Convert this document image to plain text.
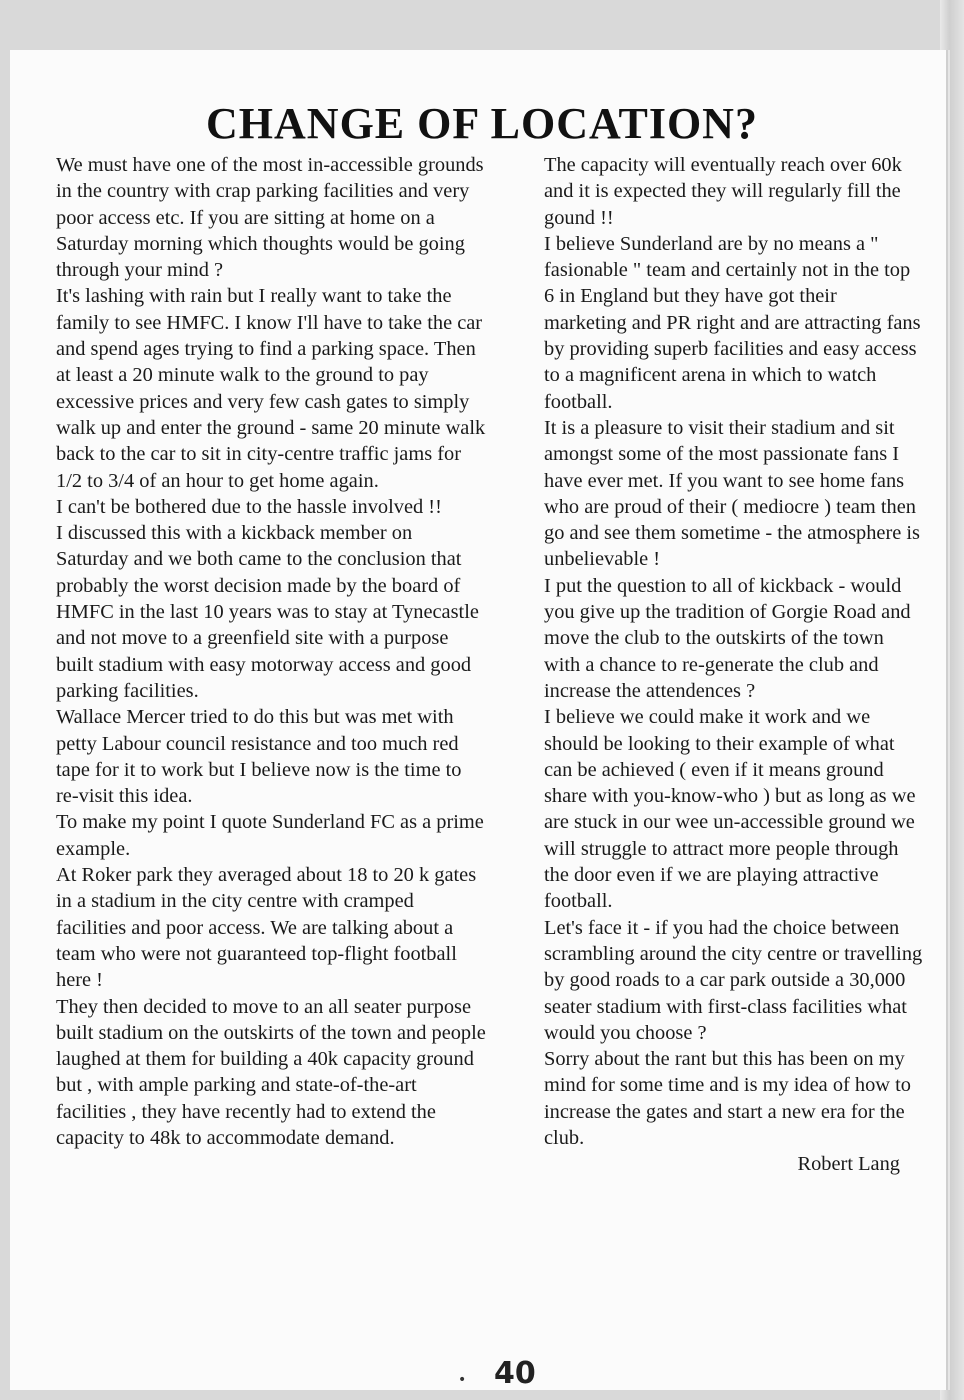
CHANGE OF LOCATION?

We must have one of the most in-accessible grounds in the country with crap parking facilities and very poor access etc. If you are sitting at home on a Saturday morning which thoughts would be going through your mind ?

It's lashing with rain but I really want to take the family to see HMFC. I know I'll have to take the car and spend ages trying to find a parking space. Then at least a 20 minute walk to the ground to pay excessive prices and very few cash gates to simply walk up and enter the ground - same 20 minute walk back to the car to sit in city-centre traffic jams for 1/2 to 3/4 of an hour to get home again.

I can't be bothered due to the hassle involved !!

I discussed this with a kickback member on Saturday and we both came to the conclusion that probably the worst decision made by the board of HMFC in the last 10 years was to stay at Tynecastle and not move to a greenfield site with a purpose built stadium with easy motorway access and good parking facilities.

Wallace Mercer tried to do this but was met with petty Labour council resistance and too much red tape for it to work but I believe now is the time to re-visit this idea.

To make my point I quote Sunderland FC as a prime example.

At Roker park they averaged about 18 to 20 k gates in a stadium in the city centre with cramped facilities and poor access. We are talking about a team who were not guaranteed top-flight football here !

They then decided to move to an all seater purpose built stadium on the outskirts of the town and people laughed at them for building a 40k capacity ground but , with ample parking and state-of-the-art facilities , they have recently had to extend the capacity to 48k to accommodate demand.

The capacity will eventually reach over 60k and it is expected they will regularly fill the gound !!

I believe Sunderland are by no means a " fasionable " team and certainly not in the top 6 in England but they have got their marketing and PR right and are attracting fans by providing superb facilities and easy access to a magnificent arena in which to watch football.

It is a pleasure to visit their stadium and sit amongst some of the most passionate fans I have ever met. If you want to see home fans who are proud of their ( mediocre ) team then go and see them sometime - the atmosphere is unbelievable !

I put the question to all of kickback - would you give up the tradition of Gorgie Road and move the club to the outskirts of the town with a chance to re-generate the club and increase the attendences ?

I believe we could make it work and we should be looking to their example of what can be achieved ( even if it means ground share with you-know-who ) but as long as we are stuck in our wee un-accessible ground we will struggle to attract more people through the door even if we are playing attractive football.

Let's face it - if you had the choice between scrambling around the city centre or travelling by good roads to a car park outside a 30,000 seater stadium with first-class facilities what would you choose ?

Sorry about the rant but this has been on my mind for some time and is my idea of how to increase the gates and start a new era for the club.

Robert Lang

• 40
